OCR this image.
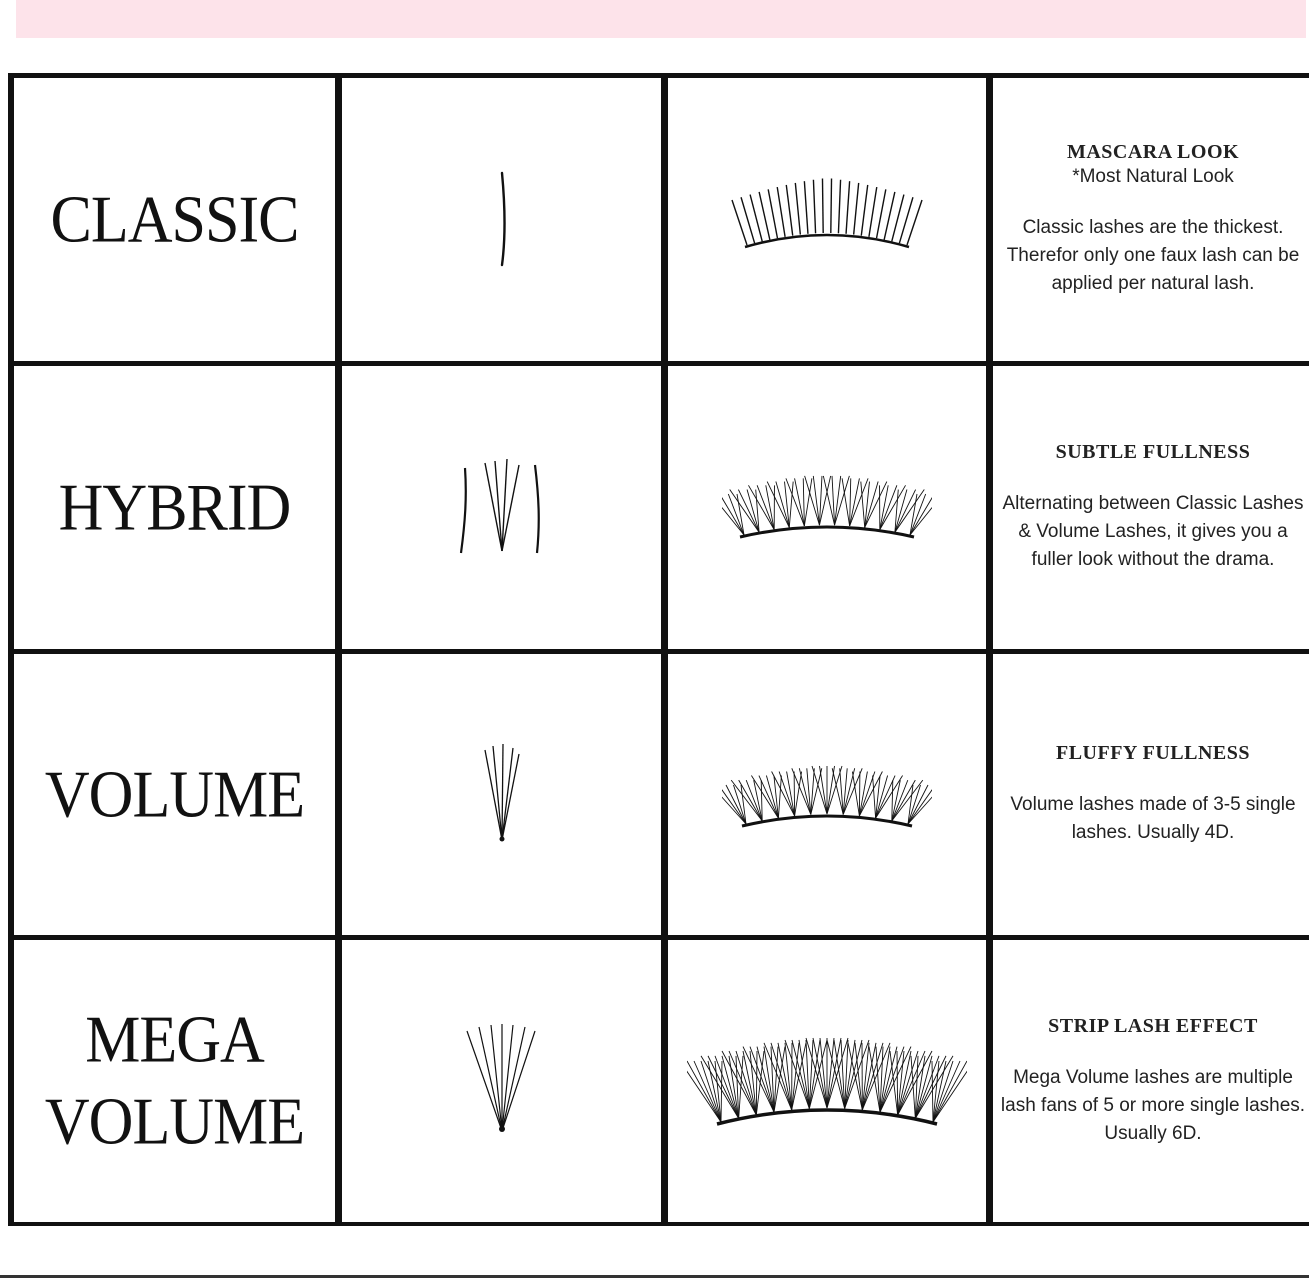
CLASSIC
MASCARA LOOK
*Most Natural Look
Classic lashes are the thickest. Therefor only one faux lash can be applied per natural lash.
HYBRID
SUBTLE FULLNESS
Alternating between Classic Lashes & Volume Lashes, it gives you a fuller look without the drama.
VOLUME
FLUFFY FULLNESS
Volume lashes made of 3-5 single lashes. Usually 4D.
MEGA
VOLUME
STRIP LASH EFFECT
Mega Volume lashes are multiple lash fans of 5 or more single lashes. Usually 6D.
